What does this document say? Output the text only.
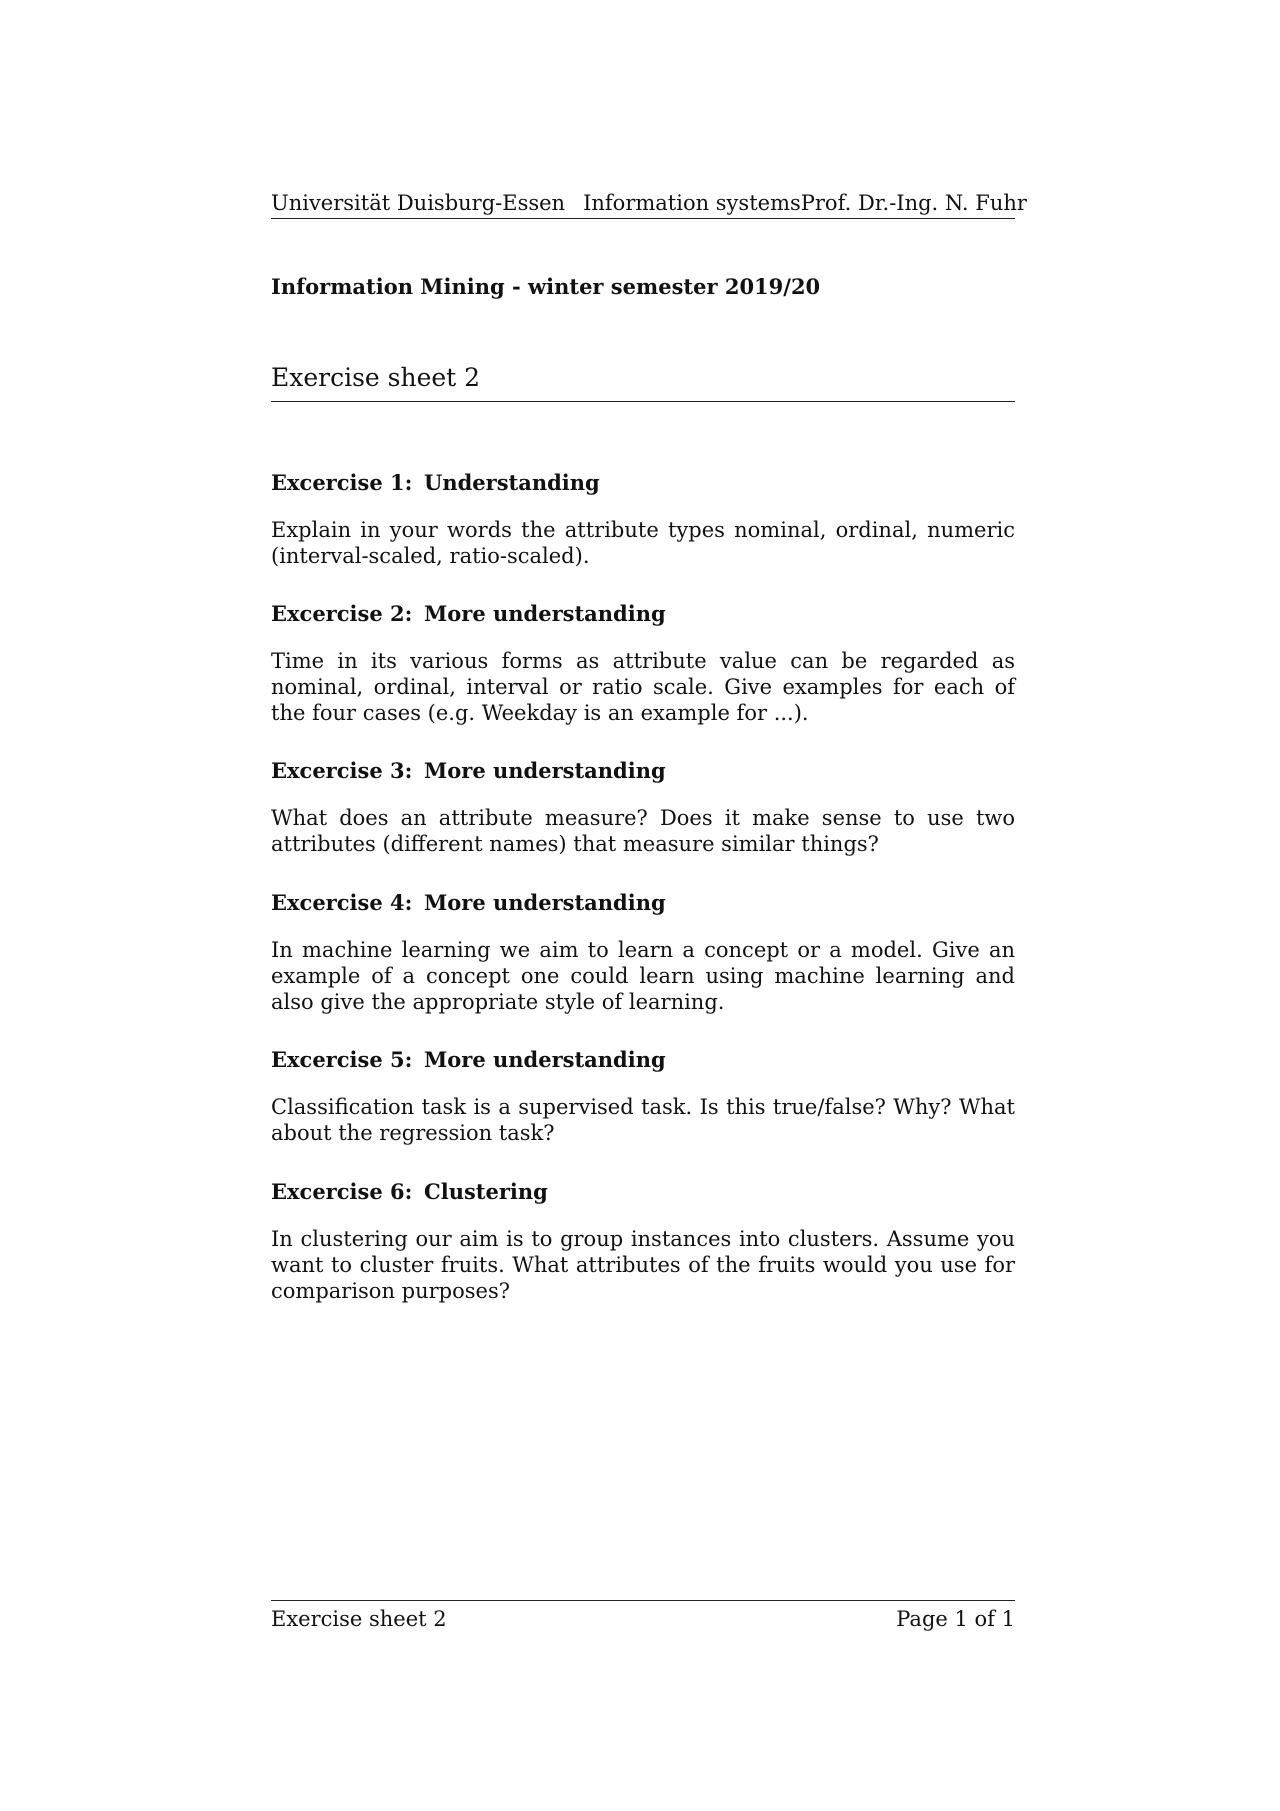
Universität Duisburg-Essen Information systems Prof. Dr.-Ing. N. Fuhr
Information Mining - winter semester 2019/20
Exercise sheet 2
Excercise 1: Understanding
Explain in your words the attribute types nominal, ordinal, numeric (interval-scaled, ratio-scaled).
Excercise 2: More understanding
Time in its various forms as attribute value can be regarded as nominal, ordinal, interval or ratio scale. Give examples for each of the four cases (e.g. Weekday is an example for ...).
Excercise 3: More understanding
What does an attribute measure? Does it make sense to use two attributes (different names) that measure similar things?
Excercise 4: More understanding
In machine learning we aim to learn a concept or a model. Give an example of a concept one could learn using machine learning and also give the appropriate style of learning.
Excercise 5: More understanding
Classification task is a supervised task. Is this true/false? Why? What about the regression task?
Excercise 6: Clustering
In clustering our aim is to group instances into clusters. Assume you want to cluster fruits. What attributes of the fruits would you use for comparison purposes?
Exercise sheet 2	Page 1 of 1
